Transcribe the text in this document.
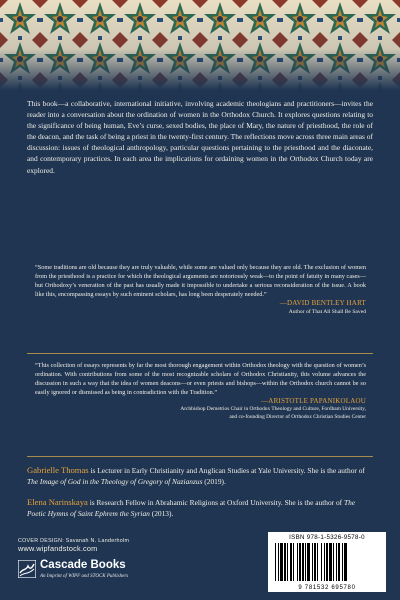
This book—a collaborative, international initiative, involving academic theologians and practitioners—invites the reader into a conversation about the ordination of women in the Orthodox Church. It explores questions relating to the significance of being human, Eve’s curse, sexed bodies, the place of Mary, the nature of priesthood, the role of the deacon, and the task of being a priest in the twenty-first century. The reflections move across three main areas of discussion: issues of theological anthropology, particular questions pertaining to the priesthood and the diaconate, and contemporary practices. In each area the implications for ordaining women in the Orthodox Church today are explored.
“Some traditions are old because they are truly valuable, while some are valued only because they are old. The exclusion of women from the priesthood is a practice for which the theological arguments are notoriously weak—to the point of fatuity in many cases—but Orthodoxy’s veneration of the past has usually made it impossible to undertake a serious reconsideration of the issue. A book like this, encompassing essays by such eminent scholars, has long been desperately needed.”
—DAVID BENTLEY HART
Author of That All Shall Be Saved
“This collection of essays represents by far the most thorough engagement within Orthodox theology with the question of women’s ordination. With contributions from some of the most recognizable scholars of Orthodox Christianity, this volume advances the discussion in such a way that the idea of women deacons—or even priests and bishops—within the Orthodox church cannot be so easily ignored or dismissed as being in contradiction with the Tradition.”
—ARISTOTLE PAPANIKOLAOU
Archbishop Demetrios Chair in Orthodox Theology and Culture, Fordham University,
and co-founding Director of Orthodox Christian Studies Center
Gabrielle Thomas is Lecturer in Early Christianity and Anglican Studies at Yale University. She is the author of The Image of God in the Theology of Gregory of Nazianzus (2019).
Elena Narinskaya is Research Fellow in Abrahamic Religions at Oxford University. She is the author of The Poetic Hymns of Saint Ephrem the Syrian (2013).
COVER DESIGN: Savanah N. Landerholm
www.wipfandstock.com
Cascade Books
An Imprint of WIPF and STOCK Publishers
ISBN 978-1-5326-9578-0
9 781532 695780
